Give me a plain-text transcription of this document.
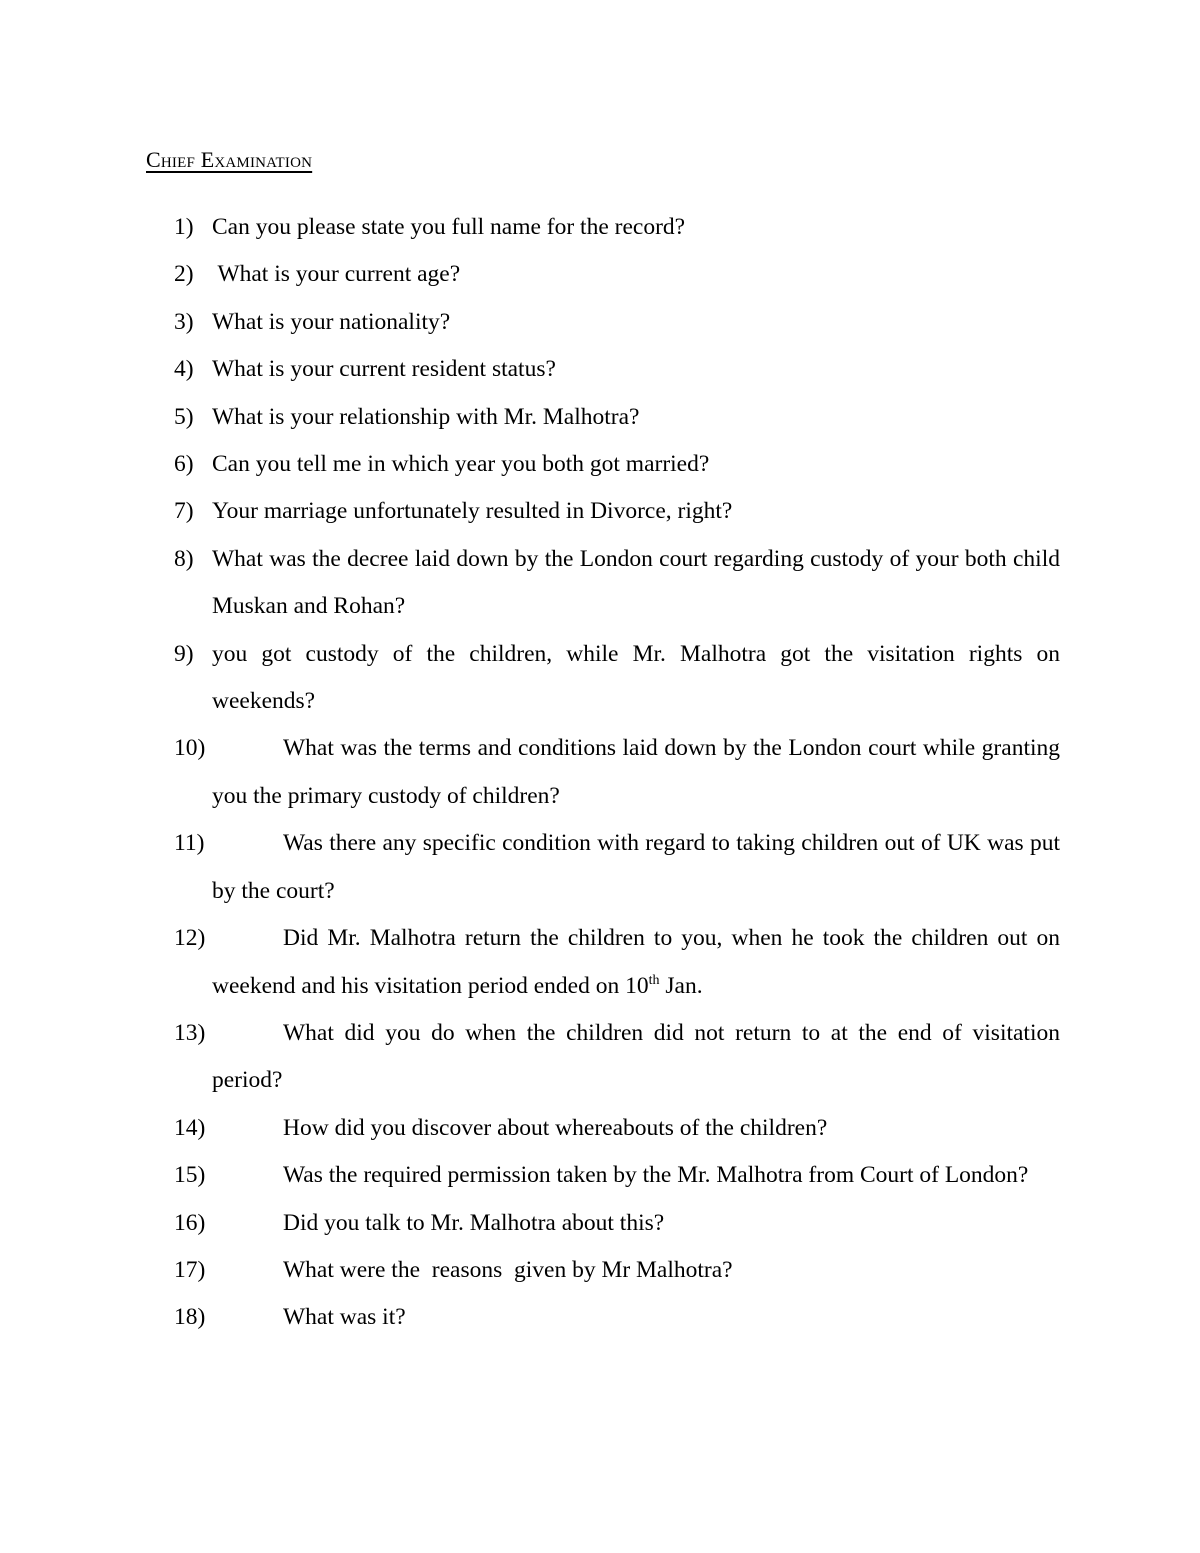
Chief Examination
1) Can you please state you full name for the record?
2) What is your current age?
3) What is your nationality?
4) What is your current resident status?
5) What is your relationship with Mr. Malhotra?
6) Can you tell me in which year you both got married?
7) Your marriage unfortunately resulted in Divorce, right?
8) What was the decree laid down by the London court regarding custody of your both child Muskan and Rohan?
9) you got custody of the children, while Mr. Malhotra got the visitation rights on weekends?
10)	What was the terms and conditions laid down by the London court while granting you the primary custody of children?
11)	Was there any specific condition with regard to taking children out of UK was put by the court?
12)	Did Mr. Malhotra return the children to you, when he took the children out on weekend and his visitation period ended on 10th Jan.
13)	What did you do when the children did not return to at the end of visitation period?
14)	How did you discover about whereabouts of the children?
15)	Was the required permission taken by the Mr. Malhotra from Court of London?
16)	Did you talk to Mr. Malhotra about this?
17)	What were the  reasons  given by Mr Malhotra?
18)	What was it?
